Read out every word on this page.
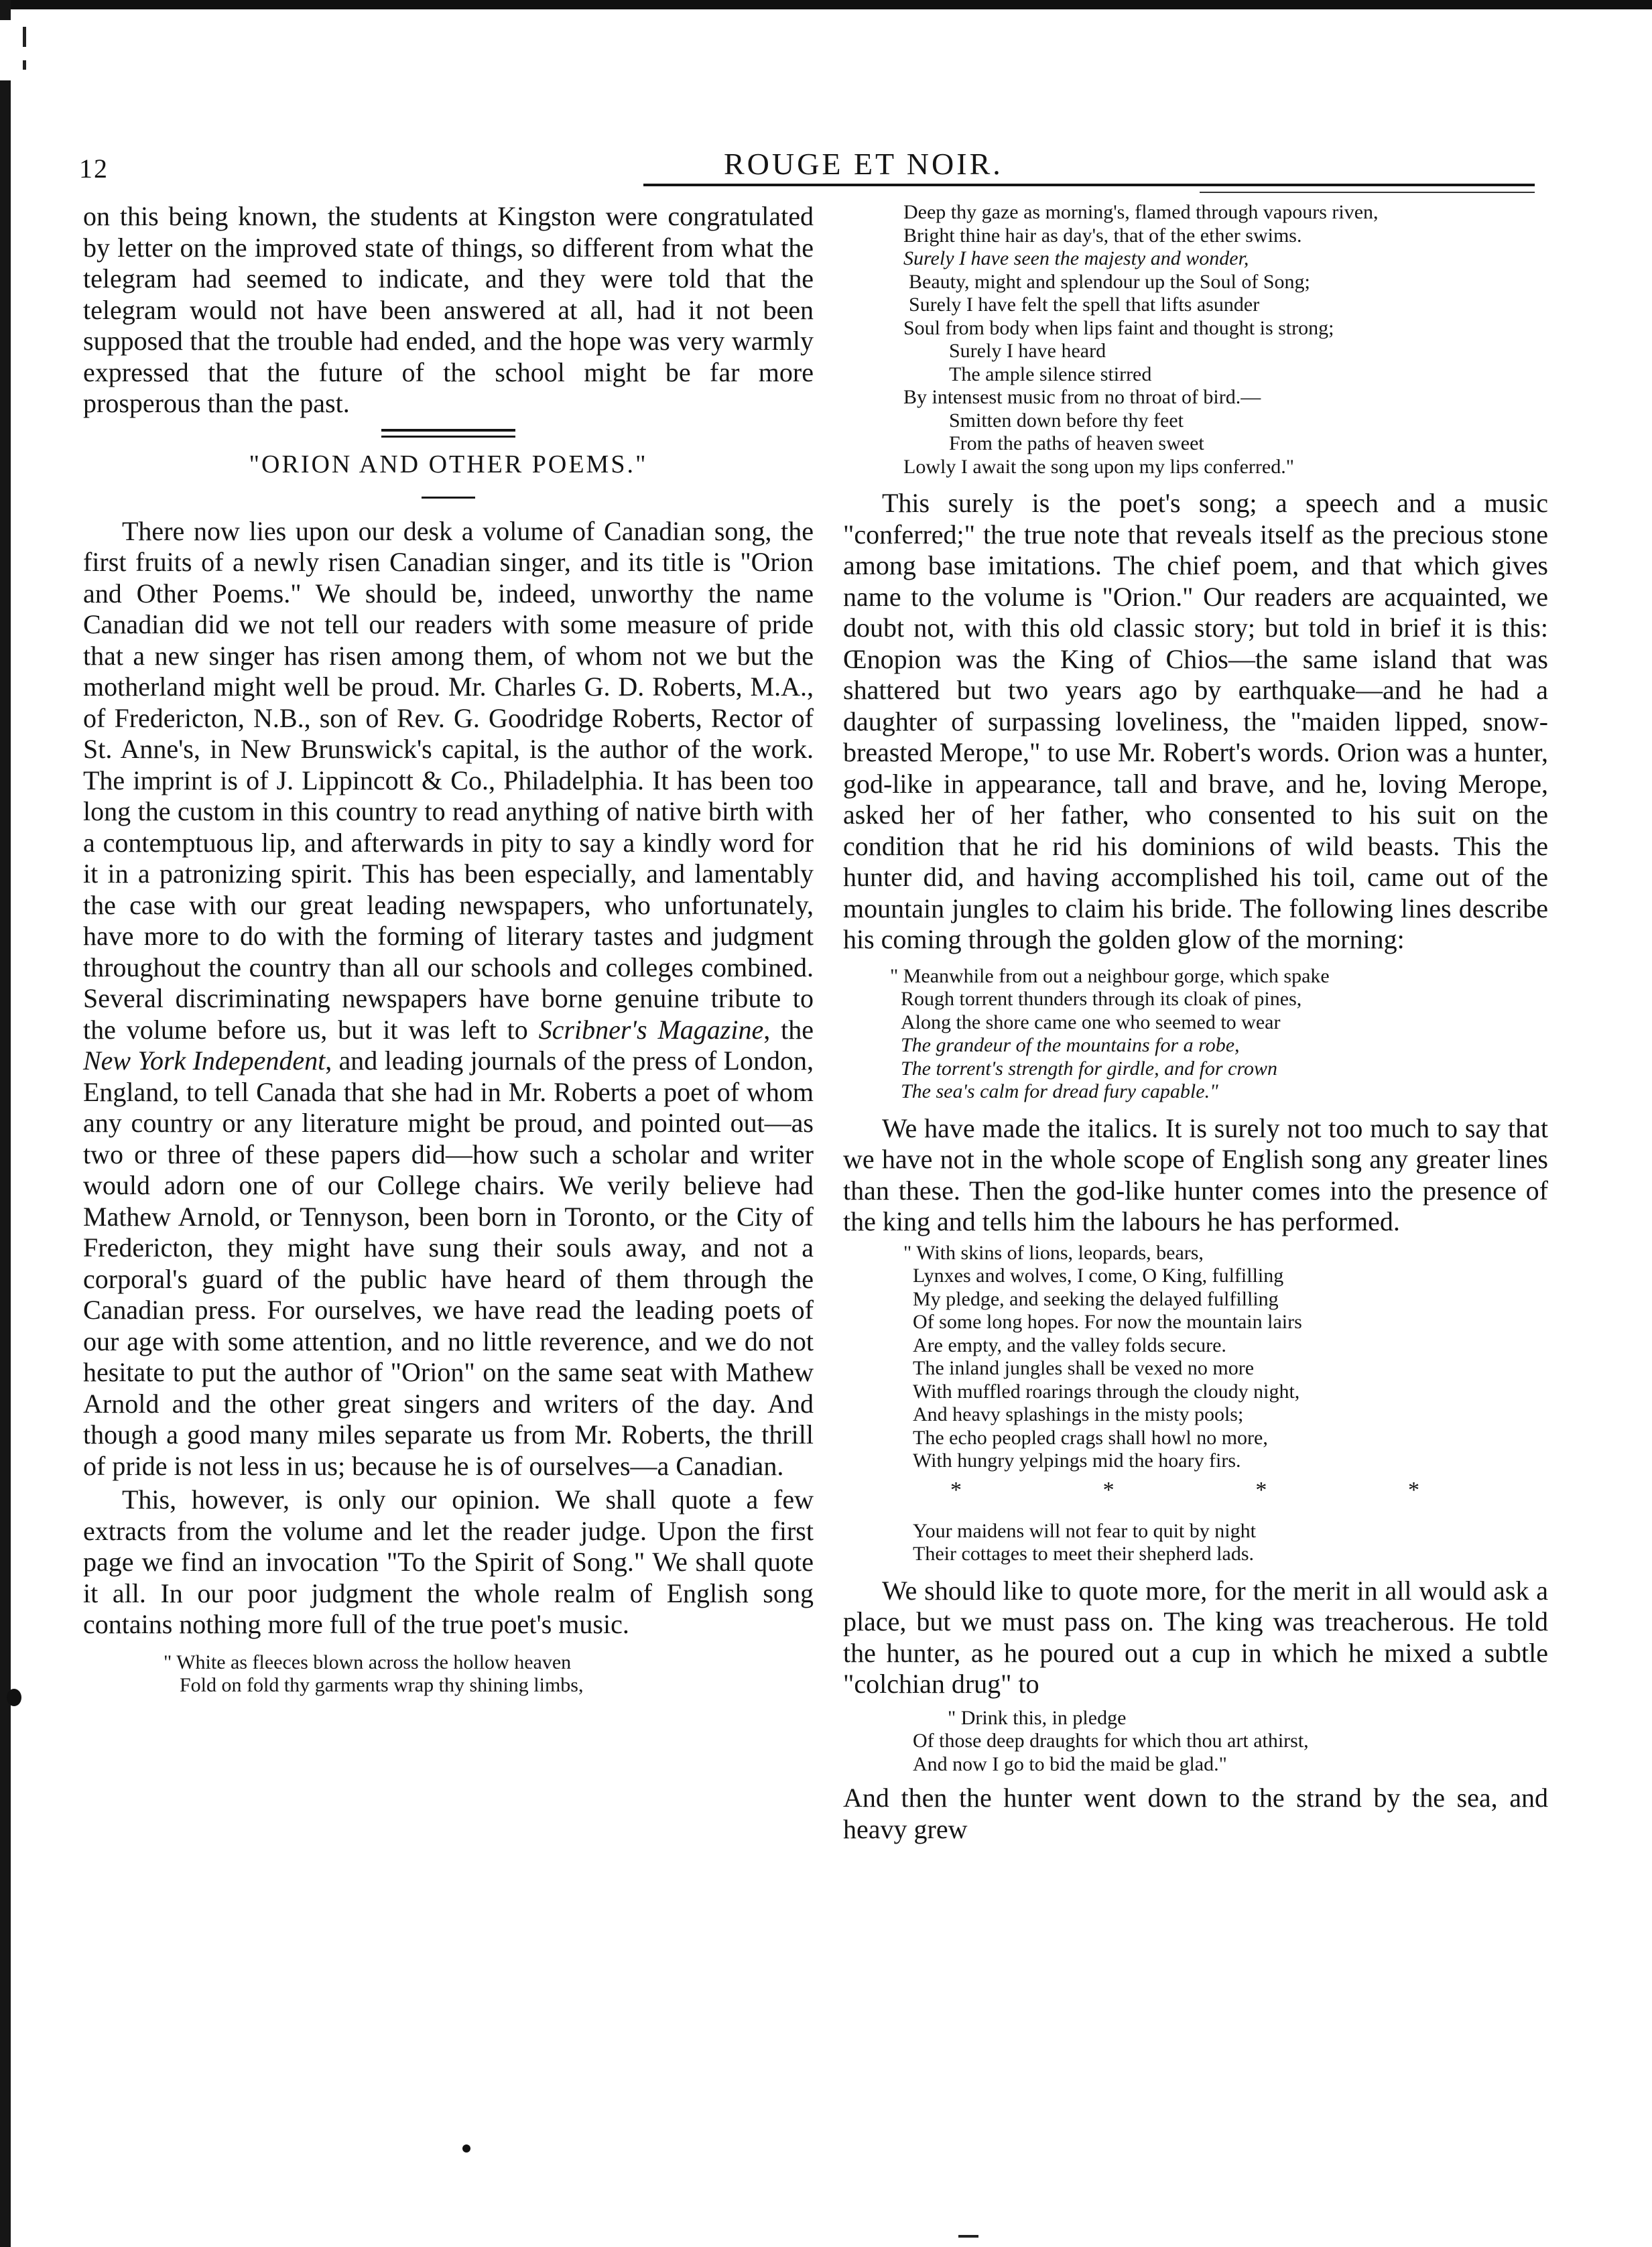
12	ROUGE ET NOIR.

on this being known, the students at Kingston were congratulated by letter on the improved state of things, so different from what the telegram had seemed to indicate, and they were told that the telegram would not have been answered at all, had it not been supposed that the trouble had ended, and the hope was very warmly expressed that the future of the school might be far more prosperous than the past.

"ORION AND OTHER POEMS."

There now lies upon our desk a volume of Canadian song, the first fruits of a newly risen Canadian singer, and its title is "Orion and Other Poems." We should be, indeed, unworthy the name Canadian did we not tell our readers with some measure of pride that a new singer has risen among them, of whom not we but the motherland might well be proud. Mr. Charles G. D. Roberts, M.A., of Fredericton, N.B., son of Rev. G. Goodridge Roberts, Rector of St. Anne's, in New Brunswick's capital, is the author of the work. The imprint is of J. Lippincott & Co., Philadelphia. It has been too long the custom in this country to read anything of native birth with a contemptuous lip, and afterwards in pity to say a kindly word for it in a patronizing spirit. This has been especially, and lamentably the case with our great leading newspapers, who unfortunately, have more to do with the forming of literary tastes and judgment throughout the country than all our schools and colleges combined. Several discriminating newspapers have borne genuine tribute to the volume before us, but it was left to Scribner's Magazine, the New York Independent, and leading journals of the press of London, England, to tell Canada that she had in Mr. Roberts a poet of whom any country or any literature might be proud, and pointed out—as two or three of these papers did—how such a scholar and writer would adorn one of our College chairs. We verily believe had Mathew Arnold, or Tennyson, been born in Toronto, or the City of Fredericton, they might have sung their souls away, and not a corporal's guard of the public have heard of them through the Canadian press. For ourselves, we have read the leading poets of our age with some attention, and no little reverence, and we do not hesitate to put the author of "Orion" on the same seat with Mathew Arnold and the other great singers and writers of the day. And though a good many miles separate us from Mr. Roberts, the thrill of pride is not less in us; because he is of ourselves—a Canadian.

This, however, is only our opinion. We shall quote a few extracts from the volume and let the reader judge. Upon the first page we find an invocation "To the Spirit of Song." We shall quote it all. In our poor judgment the whole realm of English song contains nothing more full of the true poet's music.

" White as fleeces blown across the hollow heaven
Fold on fold thy garments wrap thy shining limbs,
Deep thy gaze as morning's, flamed through vapours riven,
Bright thine hair as day's, that of the ether swims.
Surely I have seen the majesty and wonder,
Beauty, might and splendour up the Soul of Song;
Surely I have felt the spell that lifts asunder
Soul from body when lips faint and thought is strong;
Surely I have heard
The ample silence stirred
By intensest music from no throat of bird.—
Smitten down before thy feet
From the paths of heaven sweet
Lowly I await the song upon my lips conferred."

This surely is the poet's song; a speech and a music "conferred;" the true note that reveals itself as the precious stone among base imitations. The chief poem, and that which gives name to the volume is "Orion." Our readers are acquainted, we doubt not, with this old classic story; but told in brief it is this: Œnopion was the King of Chios—the same island that was shattered but two years ago by earthquake—and he had a daughter of surpassing loveliness, the "maiden lipped, snow-breasted Merope," to use Mr. Robert's words. Orion was a hunter, god-like in appearance, tall and brave, and he, loving Merope, asked her of her father, who consented to his suit on the condition that he rid his dominions of wild beasts. This the hunter did, and having accomplished his toil, came out of the mountain jungles to claim his bride. The following lines describe his coming through the golden glow of the morning:

" Meanwhile from out a neighbour gorge, which spake
Rough torrent thunders through its cloak of pines,
Along the shore came one who seemed to wear
The grandeur of the mountains for a robe,
The torrent's strength for girdle, and for crown
The sea's calm for dread fury capable."

We have made the italics. It is surely not too much to say that we have not in the whole scope of English song any greater lines than these. Then the god-like hunter comes into the presence of the king and tells him the labours he has performed.

" With skins of lions, leopards, bears,
Lynxes and wolves, I come, O King, fulfilling
My pledge, and seeking the delayed fulfilling
Of some long hopes. For now the mountain lairs
Are empty, and the valley folds secure.
The inland jungles shall be vexed no more
With muffled roarings through the cloudy night,
And heavy splashings in the misty pools;
The echo peopled crags shall howl no more,
With hungry yelpings mid the hoary firs.
*	*	*	*
Your maidens will not fear to quit by night
Their cottages to meet their shepherd lads.

We should like to quote more, for the merit in all would ask a place, but we must pass on. The king was treacherous. He told the hunter, as he poured out a cup in which he mixed a subtle "colchian drug" to

" Drink this, in pledge
Of those deep draughts for which thou art athirst,
And now I go to bid the maid be glad."

And then the hunter went down to the strand by the sea, and heavy grew
